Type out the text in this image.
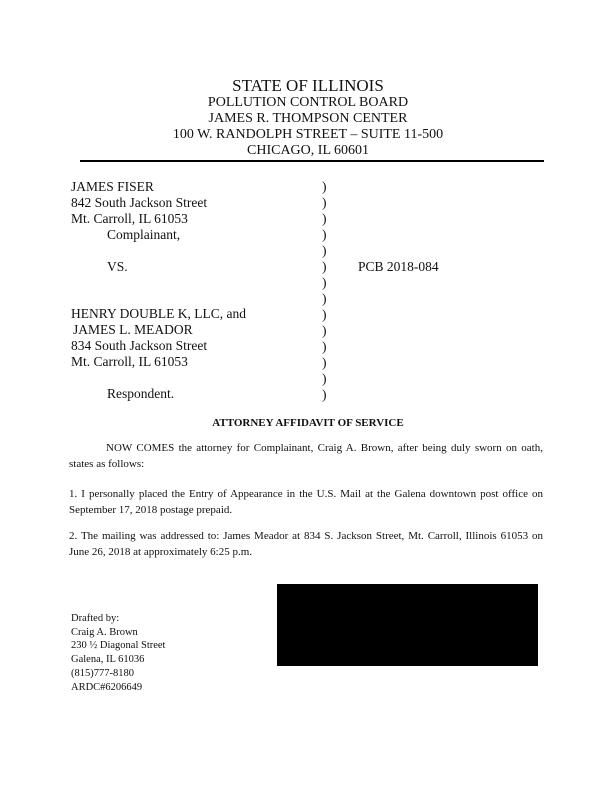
STATE OF ILLINOIS
POLLUTION CONTROL BOARD
JAMES R. THOMPSON CENTER
100 W. RANDOLPH STREET – SUITE 11-500
CHICAGO, IL 60601
JAMES FISER
842 South Jackson Street
Mt. Carroll, IL 61053
Complainant,
VS.
HENRY DOUBLE K, LLC, and
JAMES L. MEADOR
834 South Jackson Street
Mt. Carroll, IL 61053
Respondent.
)
)
)
)
)
)
)
)
)
)
)
)
)
)
PCB 2018-084
ATTORNEY AFFIDAVIT OF SERVICE
NOW COMES the attorney for Complainant, Craig A. Brown, after being duly sworn on oath, states as follows:
1. I personally placed the Entry of Appearance in the U.S. Mail at the Galena downtown post office on September 17, 2018 postage prepaid.
2. The mailing was addressed to: James Meador at 834 S. Jackson Street, Mt. Carroll, Illinois 61053 on June 26, 2018 at approximately 6:25 p.m.
Drafted by:
Craig A. Brown
230 ½ Diagonal Street
Galena, IL 61036
(815)777-8180
ARDC#6206649
